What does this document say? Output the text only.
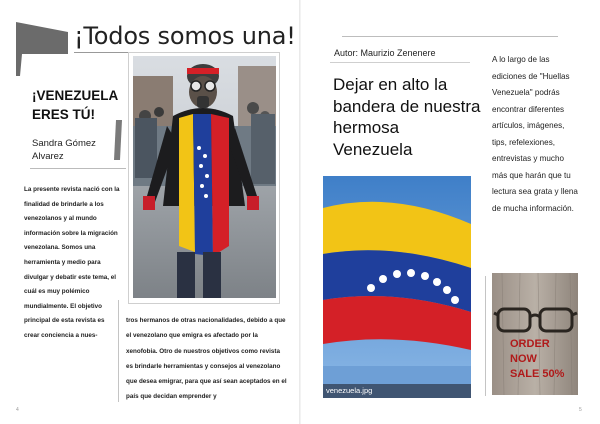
¡Todos somos una!
¡VENEZUELA ERES TÚ!
Sandra Gómez Alvarez
La presente revista nació con la finalidad de brindarle a los venezolanos y al mundo información sobre la migración venezolana. Somos una herramienta y medio para divulgar y debatir este tema, el cuál es muy polémico mundialmente. El objetivo principal de esta revista es crear conciencia a nues-
tros hermanos de otras nacionalidades, debido a que el venezolano que emigra es afectado por la xenofobia. Otro de nuestros objetivos como revista es brindarle herramientas y consejos al venezolano que desea emigrar, para que así sean aceptados en el país que decidan emprender y
4
Autor: Maurizio Zenenere
Dejar en alto la bandera de nuestra hermosa Venezuela
venezuela.jpg
A lo largo de las ediciones de "Huellas Venezuela" podrás encontrar diferentes artículos, imágenes, tips, refelexiones, entrevistas y mucho más que harán que tu lectura sea grata y llena de mucha información.
ORDER
NOW
SALE 50%
5
